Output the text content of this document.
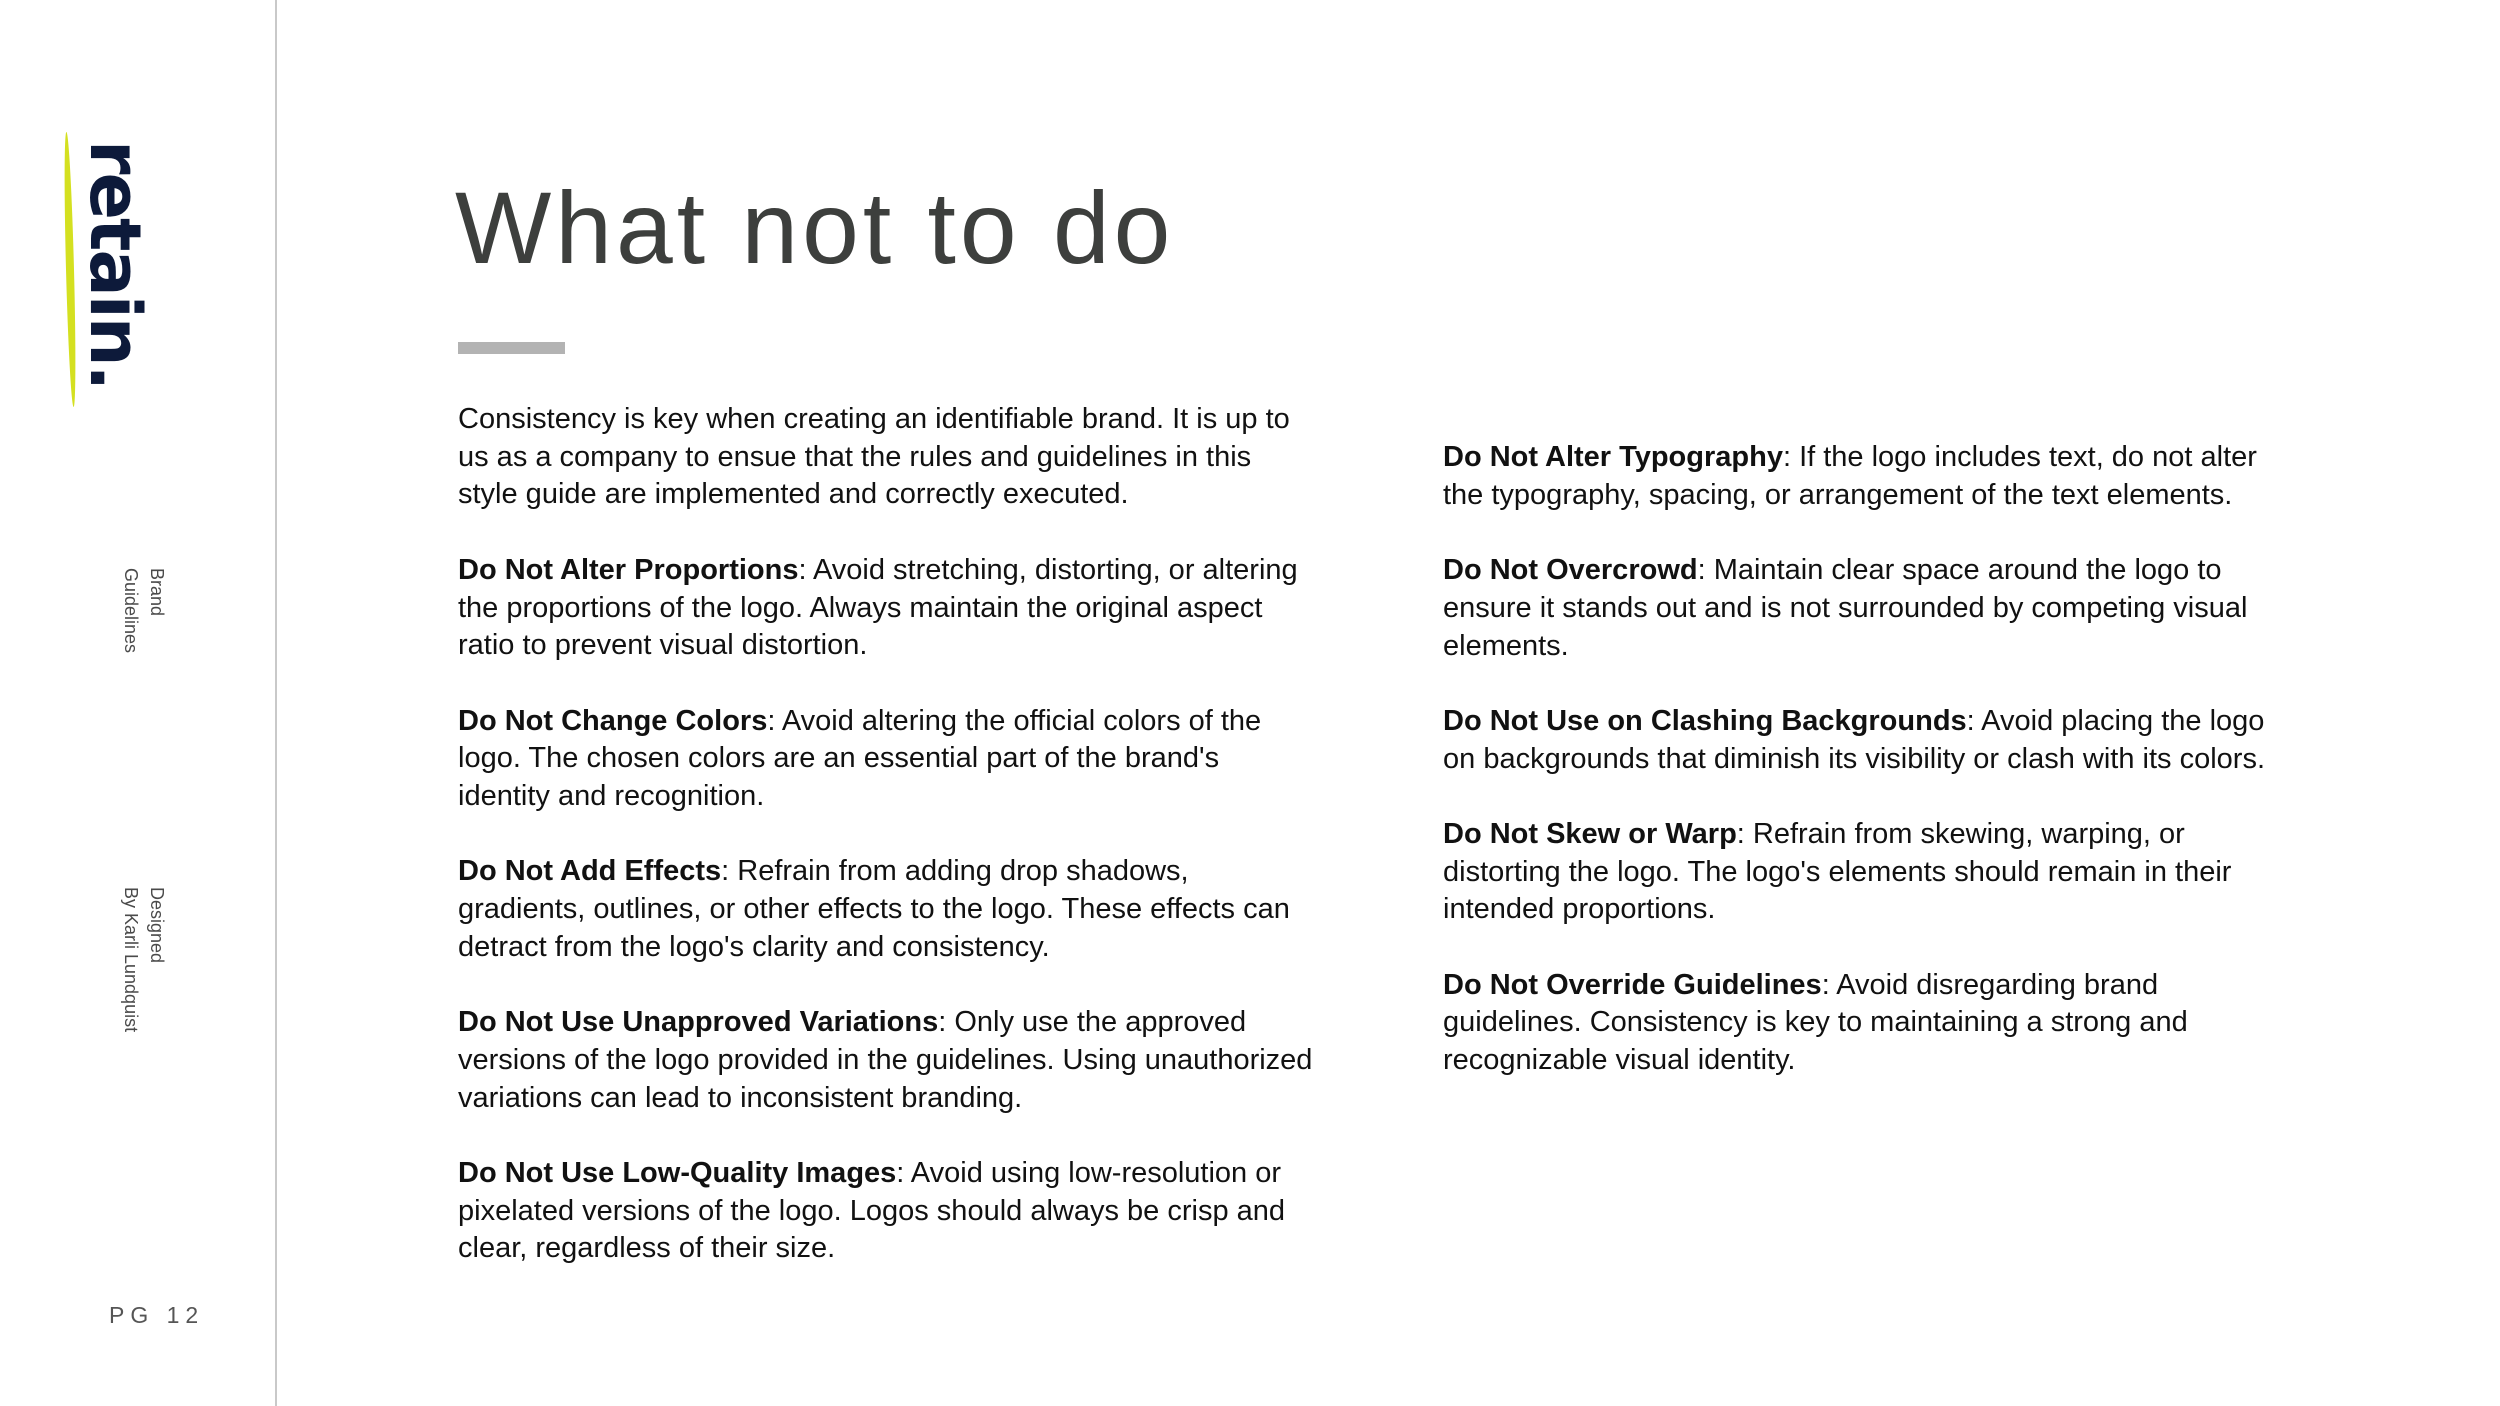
retain.
Brand
Guidelines
Designed
By Karli Lundquist
PG 12
What not to do

Consistency is key when creating an identifiable brand. It is up to us as a company to ensue that the rules and guidelines in this style guide are implemented and correctly executed.

Do Not Alter Proportions: Avoid stretching, distorting, or altering the proportions of the logo. Always maintain the original aspect ratio to prevent visual distortion.

Do Not Change Colors: Avoid altering the official colors of the logo. The chosen colors are an essential part of the brand's identity and recognition.

Do Not Add Effects: Refrain from adding drop shadows, gradients, outlines, or other effects to the logo. These effects can detract from the logo's clarity and consistency.

Do Not Use Unapproved Variations: Only use the approved versions of the logo provided in the guidelines. Using unauthorized variations can lead to inconsistent branding.

Do Not Use Low-Quality Images: Avoid using low-resolution or pixelated versions of the logo. Logos should always be crisp and clear, regardless of their size.

Do Not Alter Typography: If the logo includes text, do not alter the typography, spacing, or arrangement of the text elements.

Do Not Overcrowd: Maintain clear space around the logo to ensure it stands out and is not surrounded by competing visual elements.

Do Not Use on Clashing Backgrounds: Avoid placing the logo on backgrounds that diminish its visibility or clash with its colors.

Do Not Skew or Warp: Refrain from skewing, warping, or distorting the logo. The logo's elements should remain in their intended proportions.

Do Not Override Guidelines: Avoid disregarding brand guidelines. Consistency is key to maintaining a strong and recognizable visual identity.
